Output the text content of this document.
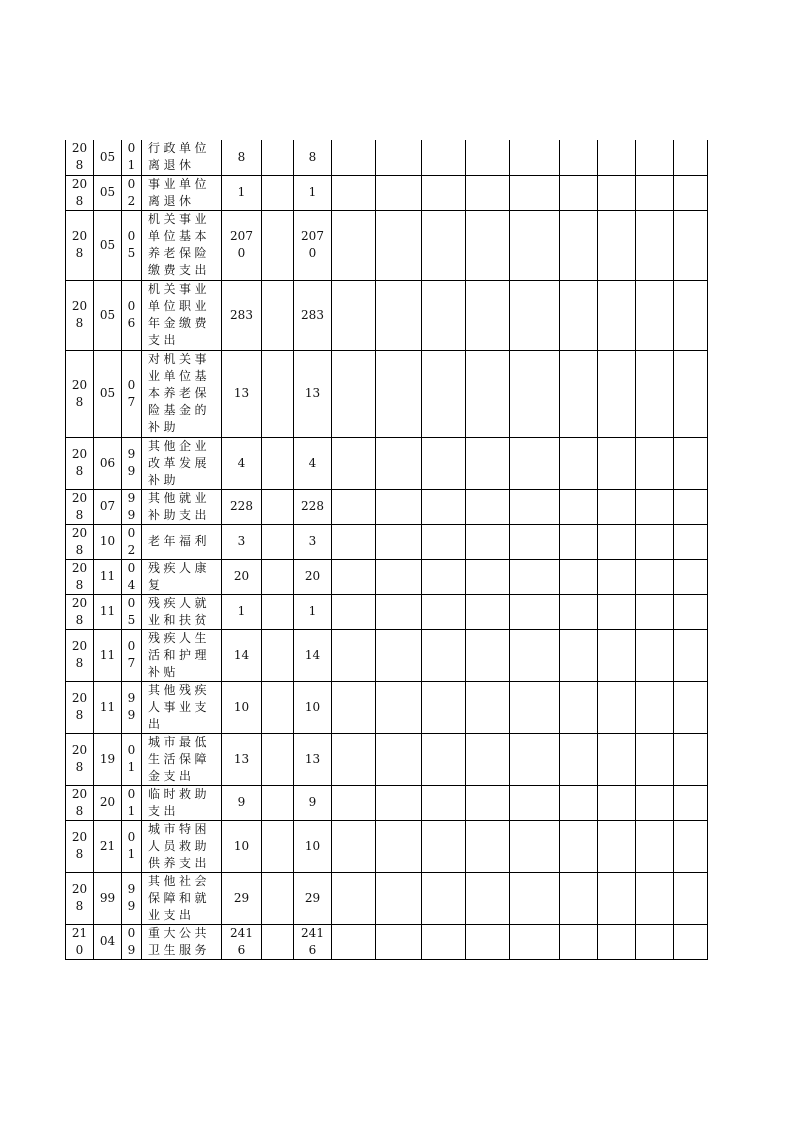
208	05	01	行政单位离退休	8		8									
208	05	02	事业单位离退休	1		1									
208	05	05	机关事业单位基本养老保险缴费支出	2070		2070									
208	05	06	机关事业单位职业年金缴费支出	283		283									
208	05	07	对机关事业单位基本养老保险基金的补助	13		13									
208	06	99	其他企业改革发展补助	4		4									
208	07	99	其他就业补助支出	228		228									
208	10	02	老年福利	3		3									
208	11	04	残疾人康复	20		20									
208	11	05	残疾人就业和扶贫	1		1									
208	11	07	残疾人生活和护理补贴	14		14									
208	11	99	其他残疾人事业支出	10		10									
208	19	01	城市最低生活保障金支出	13		13									
208	20	01	临时救助支出	9		9									
208	21	01	城市特困人员救助供养支出	10		10									
208	99	99	其他社会保障和就业支出	29		29									
210	04	09	重大公共卫生服务	2416		2416									
